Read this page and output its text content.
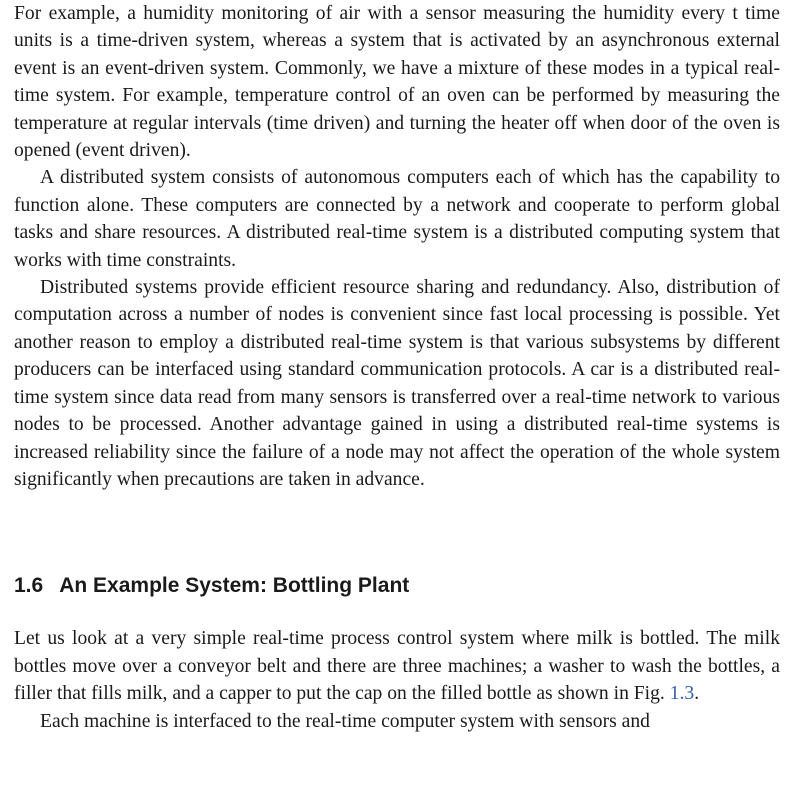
For example, a humidity monitoring of air with a sensor measuring the humidity every t time units is a time-driven system, whereas a system that is activated by an asynchronous external event is an event-driven system. Commonly, we have a mixture of these modes in a typical real-time system. For example, temperature control of an oven can be performed by measuring the temperature at regular intervals (time driven) and turning the heater off when door of the oven is opened (event driven).

A distributed system consists of autonomous computers each of which has the capability to function alone. These computers are connected by a network and cooperate to perform global tasks and share resources. A distributed real-time system is a distributed computing system that works with time constraints.

Distributed systems provide efficient resource sharing and redundancy. Also, distribution of computation across a number of nodes is convenient since fast local processing is possible. Yet another reason to employ a distributed real-time system is that various subsystems by different producers can be interfaced using standard communication protocols. A car is a distributed real-time system since data read from many sensors is transferred over a real-time network to various nodes to be processed. Another advantage gained in using a distributed real-time systems is increased reliability since the failure of a node may not affect the operation of the whole system significantly when precautions are taken in advance.

1.6 An Example System: Bottling Plant

Let us look at a very simple real-time process control system where milk is bottled. The milk bottles move over a conveyor belt and there are three machines; a washer to wash the bottles, a filler that fills milk, and a capper to put the cap on the filled bottle as shown in Fig. 1.3.

Each machine is interfaced to the real-time computer system with sensors and
